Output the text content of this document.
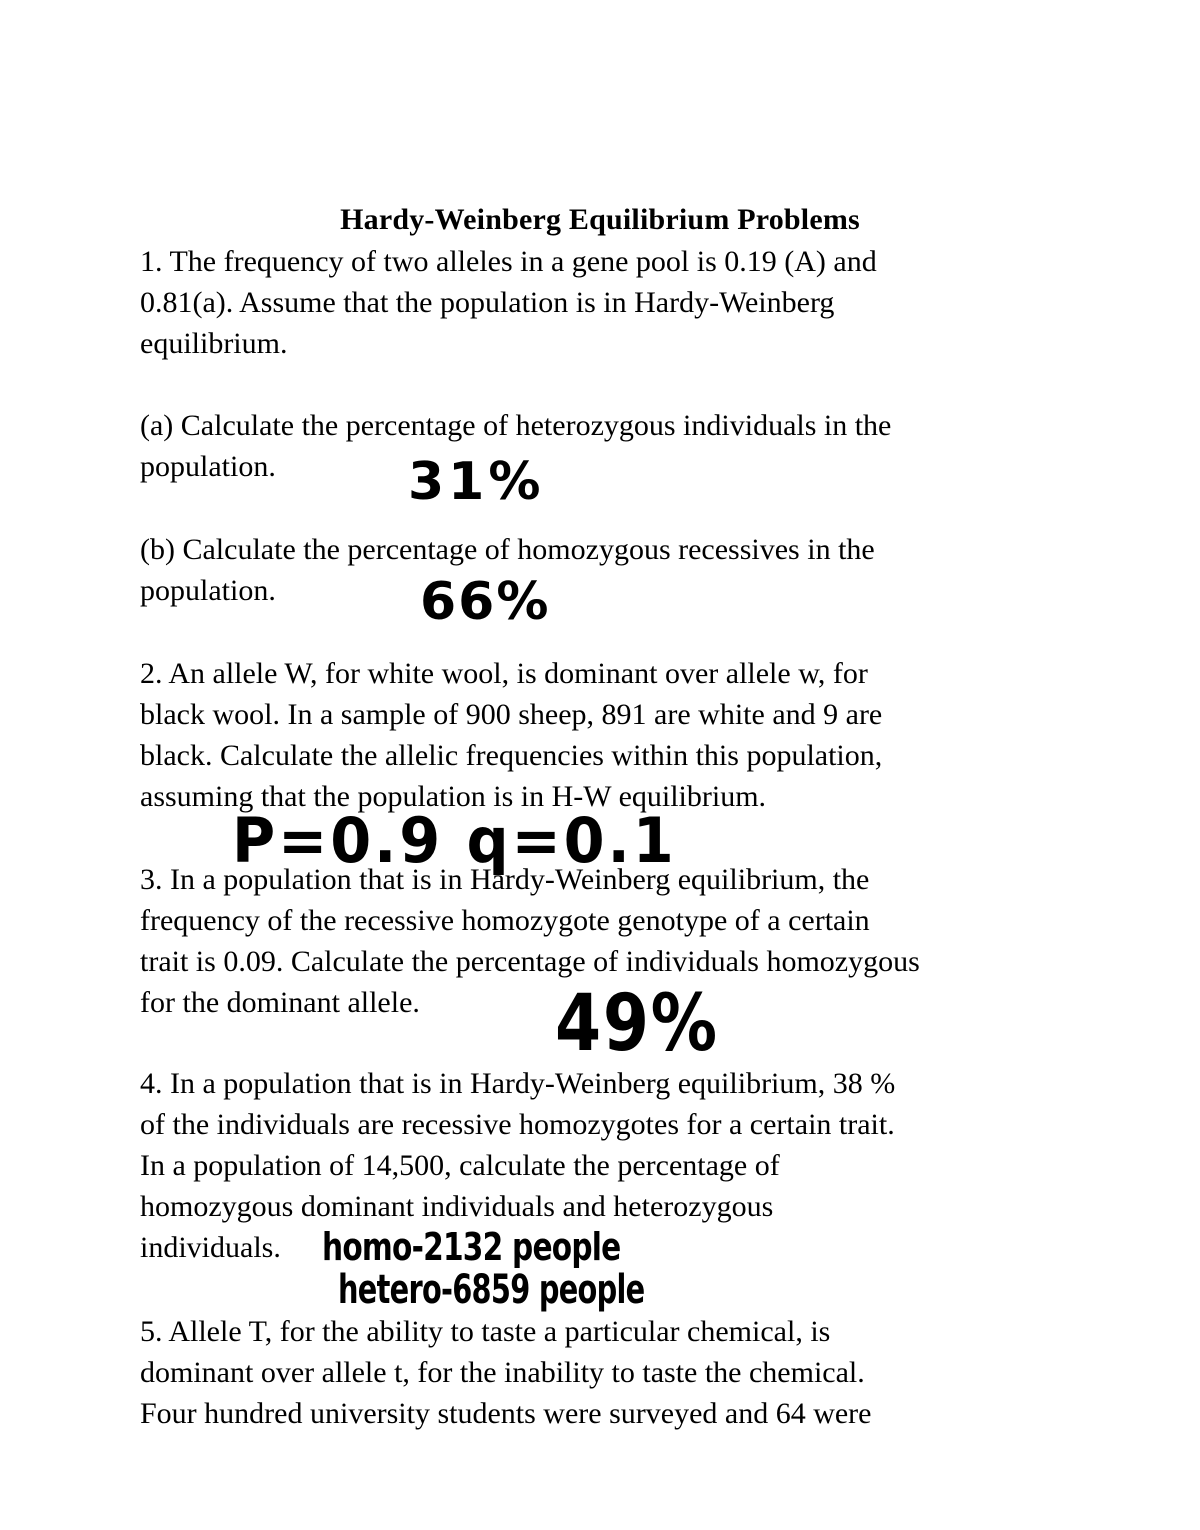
Hardy-Weinberg Equilibrium Problems
1. The frequency of two alleles in a gene pool is 0.19 (A) and
0.81(a). Assume that the population is in Hardy-Weinberg
equilibrium.
(a) Calculate the percentage of heterozygous individuals in the
population.
(b) Calculate the percentage of homozygous recessives in the
population.
2. An allele W, for white wool, is dominant over allele w, for
black wool. In a sample of 900 sheep, 891 are white and 9 are
black. Calculate the allelic frequencies within this population,
assuming that the population is in H-W equilibrium.
3. In a population that is in Hardy-Weinberg equilibrium, the
frequency of the recessive homozygote genotype of a certain
trait is 0.09. Calculate the percentage of individuals homozygous
for the dominant allele.
4. In a population that is in Hardy-Weinberg equilibrium, 38 %
of the individuals are recessive homozygotes for a certain trait.
In a population of 14,500, calculate the percentage of
homozygous dominant individuals and heterozygous
individuals.
5. Allele T, for the ability to taste a particular chemical, is
dominant over allele t, for the inability to taste the chemical.
Four hundred university students were surveyed and 64 were
31%
66%
P=0.9 q=0.1
49%
homo-2132 people
hetero-6859 people
